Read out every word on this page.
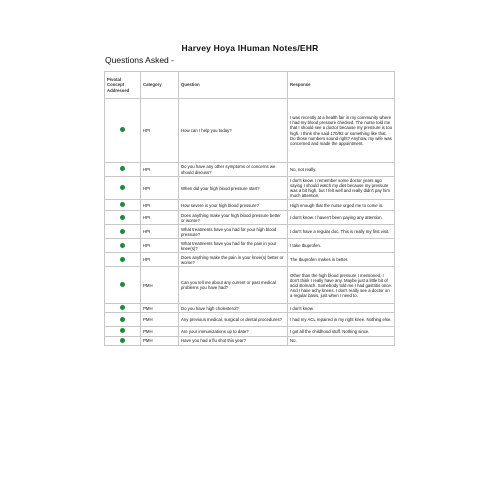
Harvey Hoya IHuman Notes/EHR
Questions Asked -
Pivotal Concept Addressed	Category	Question	Response
	HPI	How can I help you today?	I was recently at a health fair in my community where I had my blood pressure checked. The nurse told me that I should see a doctor because my pressure is too high. I think she said 170/92 or something like that. Do those numbers sound right? Anyhow, my wife was concerned and made the appointment.
	HPI	Do you have any other symptoms or concerns we should discuss?	No, not really.
	HPI	When did your high blood pressure start?	I don't know. I remember some doctor years ago saying I should watch my diet because my pressure was a bit high, but I felt well and really didn't pay him much attention.
	HPI	How severe is your high blood pressure?	High enough that the nurse urged me to come in.
	HPI	Does anything make your high blood pressure better or worse?	I don't know. I haven't been paying any attention.
	HPI	What treatments have you had for your high blood pressure?	I don't have a regular doc. This is really my first visit.
	HPI	What treatments have you had for the pain in your knee(s)?	I take Ibuprofen.
	HPI	Does anything make the pain in your knee(s) better or worse?	The Ibuprofen makes in better.
	PMH	Can you tell me about any current or past medical problems you have had?	Other than the high blood pressure I mentioned, I don't think I really have any. Maybe just a little bit of acid stomach. Somebody told me I had gastritis once. And I have achy knees. I don't really see a doctor on a regular basis, just when I need to.
	PMH	Do you have high cholesterol?	I don't know.
	PMH	Any previous medical, surgical or dental procedures?	I had my ACL repaired in my right knee. Nothing else.
	PMH	Are your immunizations up to date?	I got all the childhood stuff. Nothing since.
	PMH	Have you had a flu shot this year?	No.
